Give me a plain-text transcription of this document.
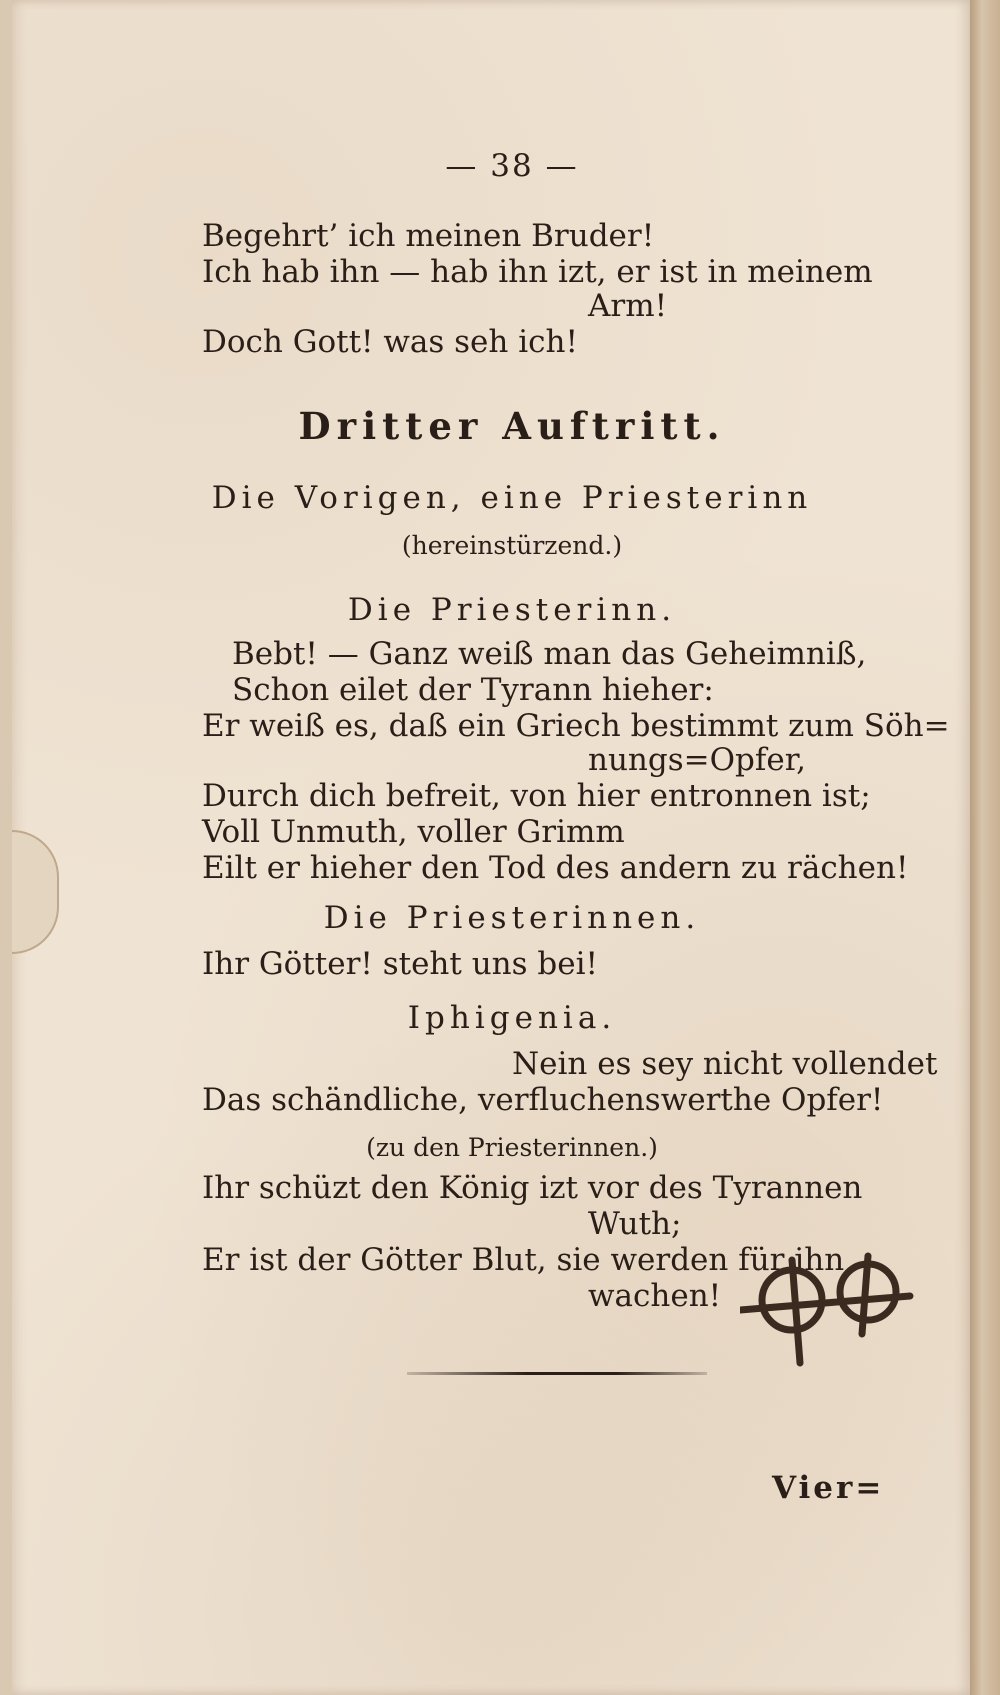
— 38 —
Begehrt’ ich meinen Bruder!
Ich hab ihn — hab ihn izt, er ist in meinem
Arm!
Doch Gott! was seh ich!
Dritter Auftritt.
Die Vorigen, eine Priesterinn
(hereinstürzend.)
Die Priesterinn.
Bebt! — Ganz weiß man das Geheimniß,
Schon eilet der Tyrann hieher:
Er weiß es, daß ein Griech bestimmt zum Söh=
nungs=Opfer,
Durch dich befreit, von hier entronnen ist;
Voll Unmuth, voller Grimm
Eilt er hieher den Tod des andern zu rächen!
Die Priesterinnen.
Ihr Götter! steht uns bei!
Iphigenia.
Nein es sey nicht vollendet
Das schändliche, verfluchenswerthe Opfer!
(zu den Priesterinnen.)
Ihr schüzt den König izt vor des Tyrannen
Wuth;
Er ist der Götter Blut, sie werden für ihn
wachen!
Vier=
